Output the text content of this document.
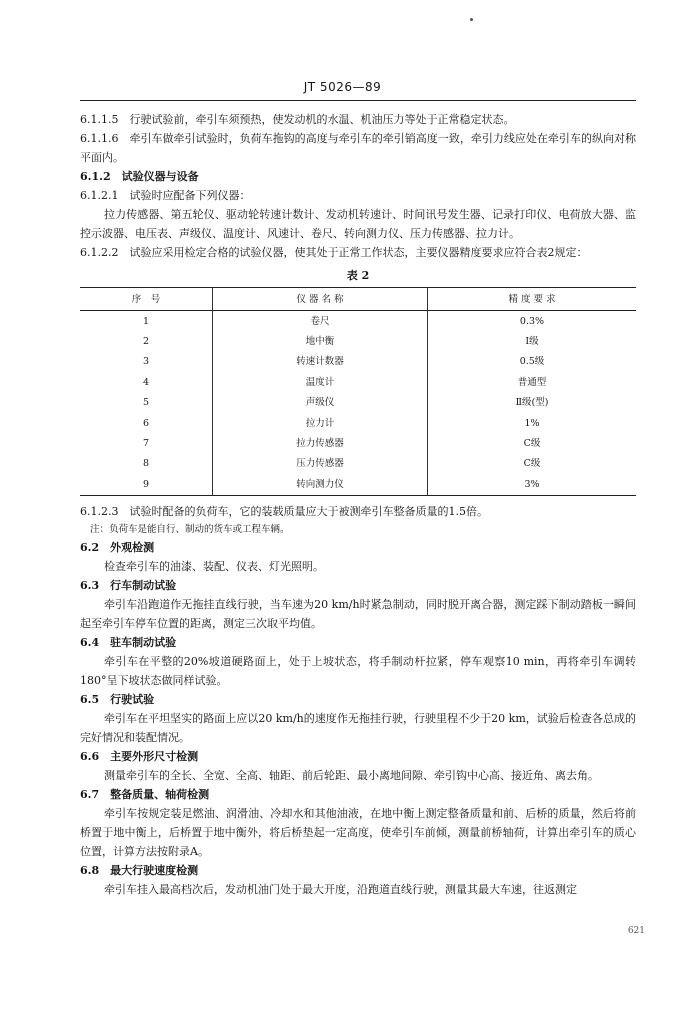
JT 5026—89

6.1.1.5　行驶试验前，牵引车须预热，使发动机的水温、机油压力等处于正常稳定状态。

6.1.1.6　牵引车做牵引试验时，负荷车拖钩的高度与牵引车的牵引销高度一致，牵引力线应处在牵引车的纵向对称平面内。

6.1.2　试验仪器与设备

6.1.2.1　试验时应配备下列仪器：

拉力传感器、第五轮仪、驱动轮转速计数计、发动机转速计、时间讯号发生器、记录打印仪、电荷放大器、监控示波器、电压表、声级仪、温度计、风速计、卷尺、转向测力仪、压力传感器、拉力计。

6.1.2.2　试验应采用检定合格的试验仪器，使其处于正常工作状态，主要仪器精度要求应符合表2规定：

表 2
序　号	仪 器 名 称	精 度 要 求
1	卷尺	0.3%
2	地中衡	I级
3	转速计数器	0.5级
4	温度计	普通型
5	声级仪	Ⅱ级(型)
6	拉力计	1%
7	拉力传感器	C级
8	压力传感器	C级
9	转向测力仪	3%

6.1.2.3　试验时配备的负荷车，它的装载质量应大于被测牵引车整备质量的1.5倍。

注：负荷车是能自行、制动的货车或工程车辆。

6.2　外观检测

检查牵引车的油漆、装配、仪表、灯光照明。

6.3　行车制动试验

牵引车沿跑道作无拖挂直线行驶，当车速为20 km/h时紧急制动，同时脱开离合器，测定踩下制动踏板一瞬间起至牵引车停车位置的距离，测定三次取平均值。

6.4　驻车制动试验

牵引车在平整的20%坡道硬路面上，处于上坡状态，将手制动杆拉紧，停车观察10 min，再将牵引车调转180°呈下坡状态做同样试验。

6.5　行驶试验

牵引车在平坦坚实的路面上应以20 km/h的速度作无拖挂行驶，行驶里程不少于20 km，试验后检查各总成的完好情况和装配情况。

6.6　主要外形尺寸检测

测量牵引车的全长、全宽、全高、轴距、前后轮距、最小离地间隙、牵引钩中心高、接近角、离去角。

6.7　整备质量、轴荷检测

牵引车按规定装足燃油、润滑油、冷却水和其他油液，在地中衡上测定整备质量和前、后桥的质量，然后将前桥置于地中衡上，后桥置于地中衡外，将后桥垫起一定高度，使牵引车前倾，测量前桥轴荷，计算出牵引车的质心位置，计算方法按附录A。

6.8　最大行驶速度检测

牵引车挂入最高档次后，发动机油门处于最大开度，沿跑道直线行驶，测量其最大车速，往返测定

621
